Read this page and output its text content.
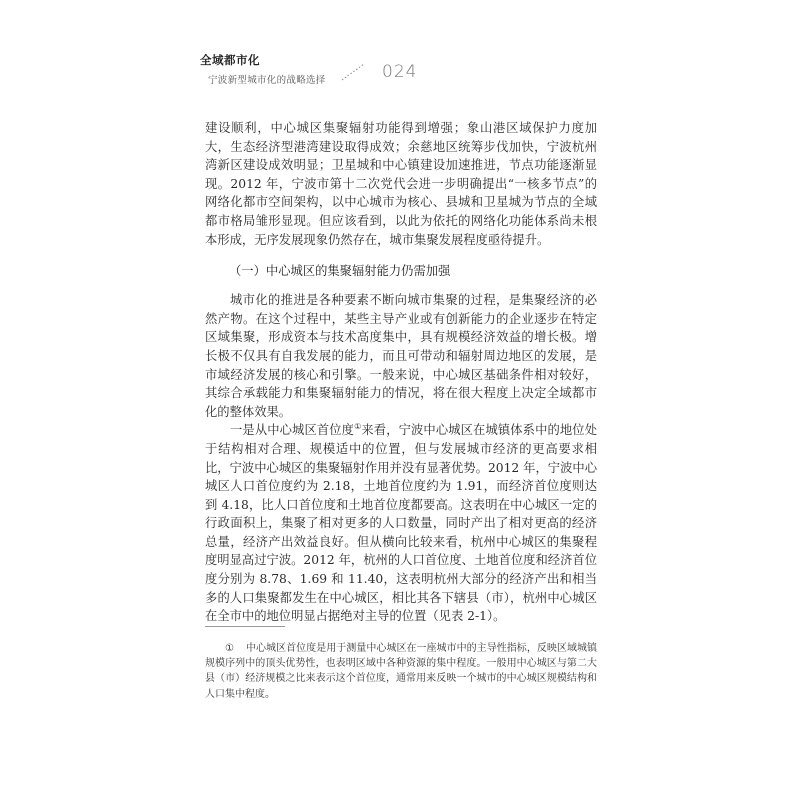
全域都市化
宁波新型城市化的战略选择	024

建设顺利，中心城区集聚辐射功能得到增强；象山港区域保护力度加大，生态经济型港湾建设取得成效；余慈地区统筹步伐加快，宁波杭州湾新区建设成效明显；卫星城和中心镇建设加速推进，节点功能逐渐显现。2012 年，宁波市第十二次党代会进一步明确提出“一核多节点”的网络化都市空间架构，以中心城市为核心、县城和卫星城为节点的全域都市格局雏形显现。但应该看到，以此为依托的网络化功能体系尚未根本形成，无序发展现象仍然存在，城市集聚发展程度亟待提升。

（一）中心城区的集聚辐射能力仍需加强

城市化的推进是各种要素不断向城市集聚的过程，是集聚经济的必然产物。在这个过程中，某些主导产业或有创新能力的企业逐步在特定区域集聚，形成资本与技术高度集中，具有规模经济效益的增长极。增长极不仅具有自我发展的能力，而且可带动和辐射周边地区的发展，是市域经济发展的核心和引擎。一般来说，中心城区基础条件相对较好，其综合承载能力和集聚辐射能力的情况，将在很大程度上决定全域都市化的整体效果。

一是从中心城区首位度①来看，宁波中心城区在城镇体系中的地位处于结构相对合理、规模适中的位置，但与发展城市经济的更高要求相比，宁波中心城区的集聚辐射作用并没有显著优势。2012 年，宁波中心城区人口首位度约为 2.18，土地首位度约为 1.91，而经济首位度则达到 4.18，比人口首位度和土地首位度都要高。这表明在中心城区一定的行政面积上，集聚了相对更多的人口数量，同时产出了相对更高的经济总量，经济产出效益良好。但从横向比较来看，杭州中心城区的集聚程度明显高过宁波。2012 年，杭州的人口首位度、土地首位度和经济首位度分别为 8.78、1.69 和 11.40，这表明杭州大部分的经济产出和相当多的人口集聚都发生在中心城区，相比其各下辖县（市），杭州中心城区在全市中的地位明显占据绝对主导的位置（见表 2-1）。

① 中心城区首位度是用于测量中心城区在一座城市中的主导性指标，反映区域城镇规模序列中的顶头优势性，也表明区域中各种资源的集中程度。一般用中心城区与第二大县（市）经济规模之比来表示这个首位度，通常用来反映一个城市的中心城区规模结构和人口集中程度。
